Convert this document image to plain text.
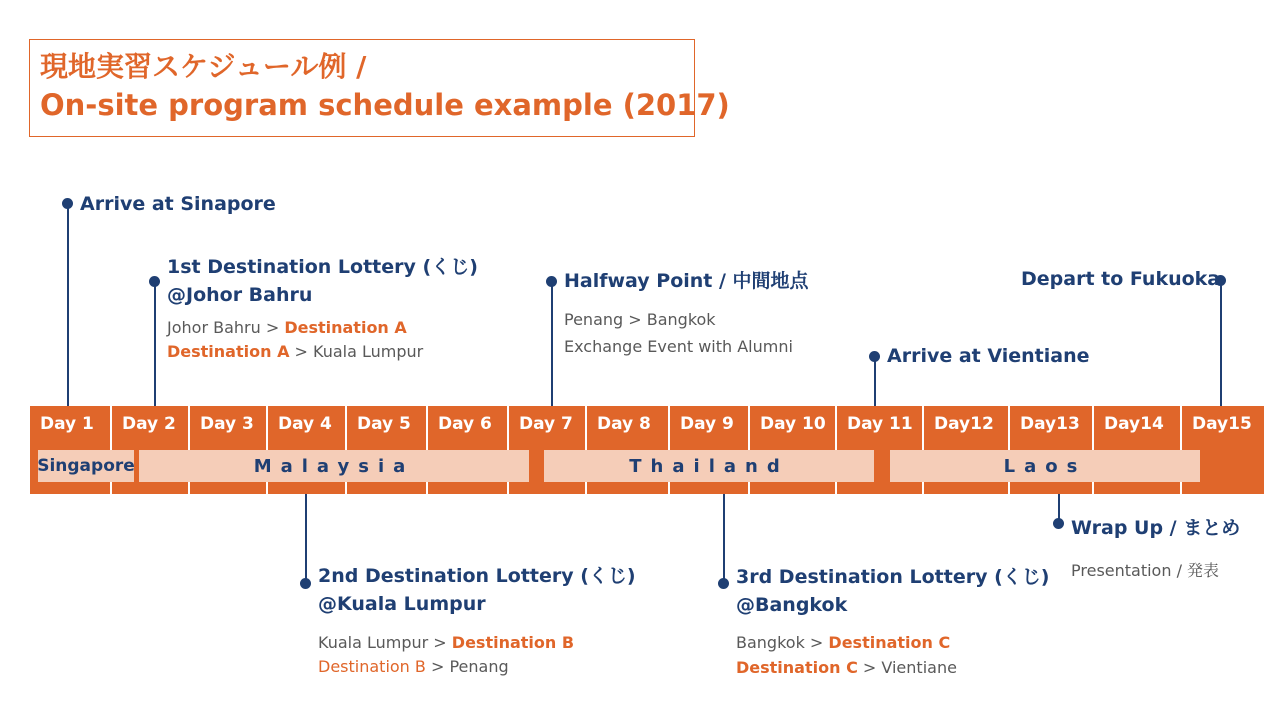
現地実習スケジュール例 /
On-site program schedule example (2017)
Arrive at Sinapore
1st Destination Lottery (くじ)
@Johor Bahru
Johor Bahru > Destination A
Destination A > Kuala Lumpur
Halfway Point / 中間地点
Penang > Bangkok
Exchange Event with Alumni	Arrive at Vientiane
Depart to Fukuoka
Day 1 Day 2 Day 3 Day 4 Day 5 Day 6 Day 7 Day 8 Day 9 Day 10 Day 11 Day12 Day13 Day14 Day15
Singapore	Malaysia	Thailand	Laos
2nd Destination Lottery (くじ)
@Kuala Lumpur
Kuala Lumpur > Destination B
Destination B > Penang
3rd Destination Lottery (くじ)
@Bangkok
Bangkok > Destination C
Destination C > Vientiane
Wrap Up / まとめ
Presentation / 発表
